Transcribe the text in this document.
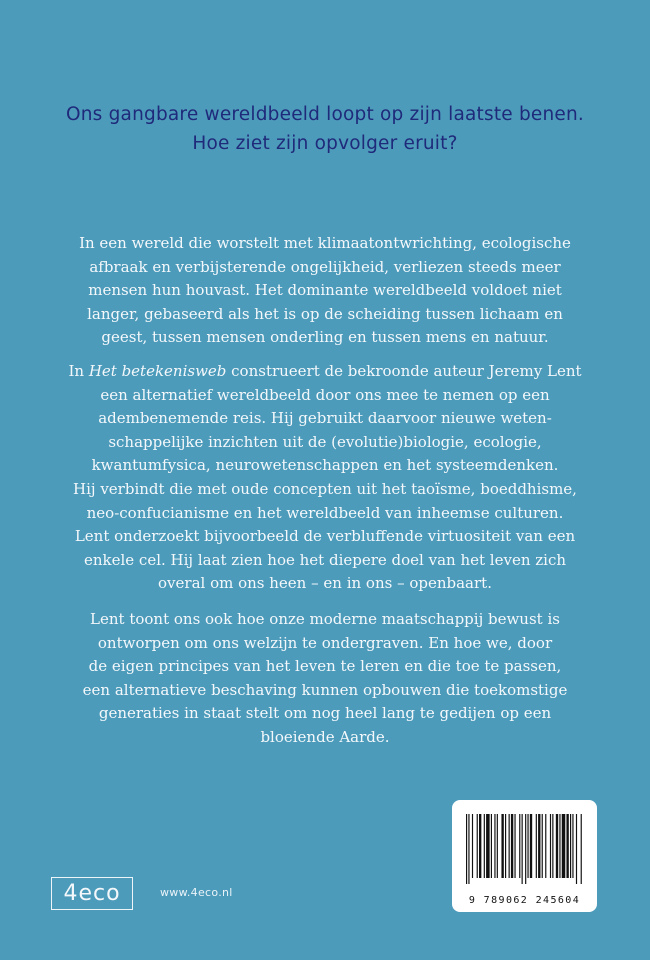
Ons gangbare wereldbeeld loopt op zijn laatste benen.
Hoe ziet zijn opvolger eruit?
In een wereld die worstelt met klimaatontwrichting, ecologische
afbraak en verbijsterende ongelijkheid, verliezen steeds meer
mensen hun houvast. Het dominante wereldbeeld voldoet niet
langer, gebaseerd als het is op de scheiding tussen lichaam en
geest, tussen mensen onderling en tussen mens en natuur.
In Het betekenisweb construeert de bekroonde auteur Jeremy Lent
een alternatief wereldbeeld door ons mee te nemen op een
adembenemende reis. Hij gebruikt daarvoor nieuwe weten-
schappelijke inzichten uit de (evolutie)biologie, ecologie,
kwantumfysica, neurowetenschappen en het systeemdenken.
Hij verbindt die met oude concepten uit het taoïsme, boeddhisme,
neo-confucianisme en het wereldbeeld van inheemse culturen.
Lent onderzoekt bijvoorbeeld de verbluffende virtuositeit van een
enkele cel. Hij laat zien hoe het diepere doel van het leven zich
overal om ons heen – en in ons – openbaart.
Lent toont ons ook hoe onze moderne maatschappij bewust is
ontworpen om ons welzijn te ondergraven. En hoe we, door
de eigen principes van het leven te leren en die toe te passen,
een alternatieve beschaving kunnen opbouwen die toekomstige
generaties in staat stelt om nog heel lang te gedijen op een
bloeiende Aarde.
4eco	www.4eco.nl
9 789062 245604
